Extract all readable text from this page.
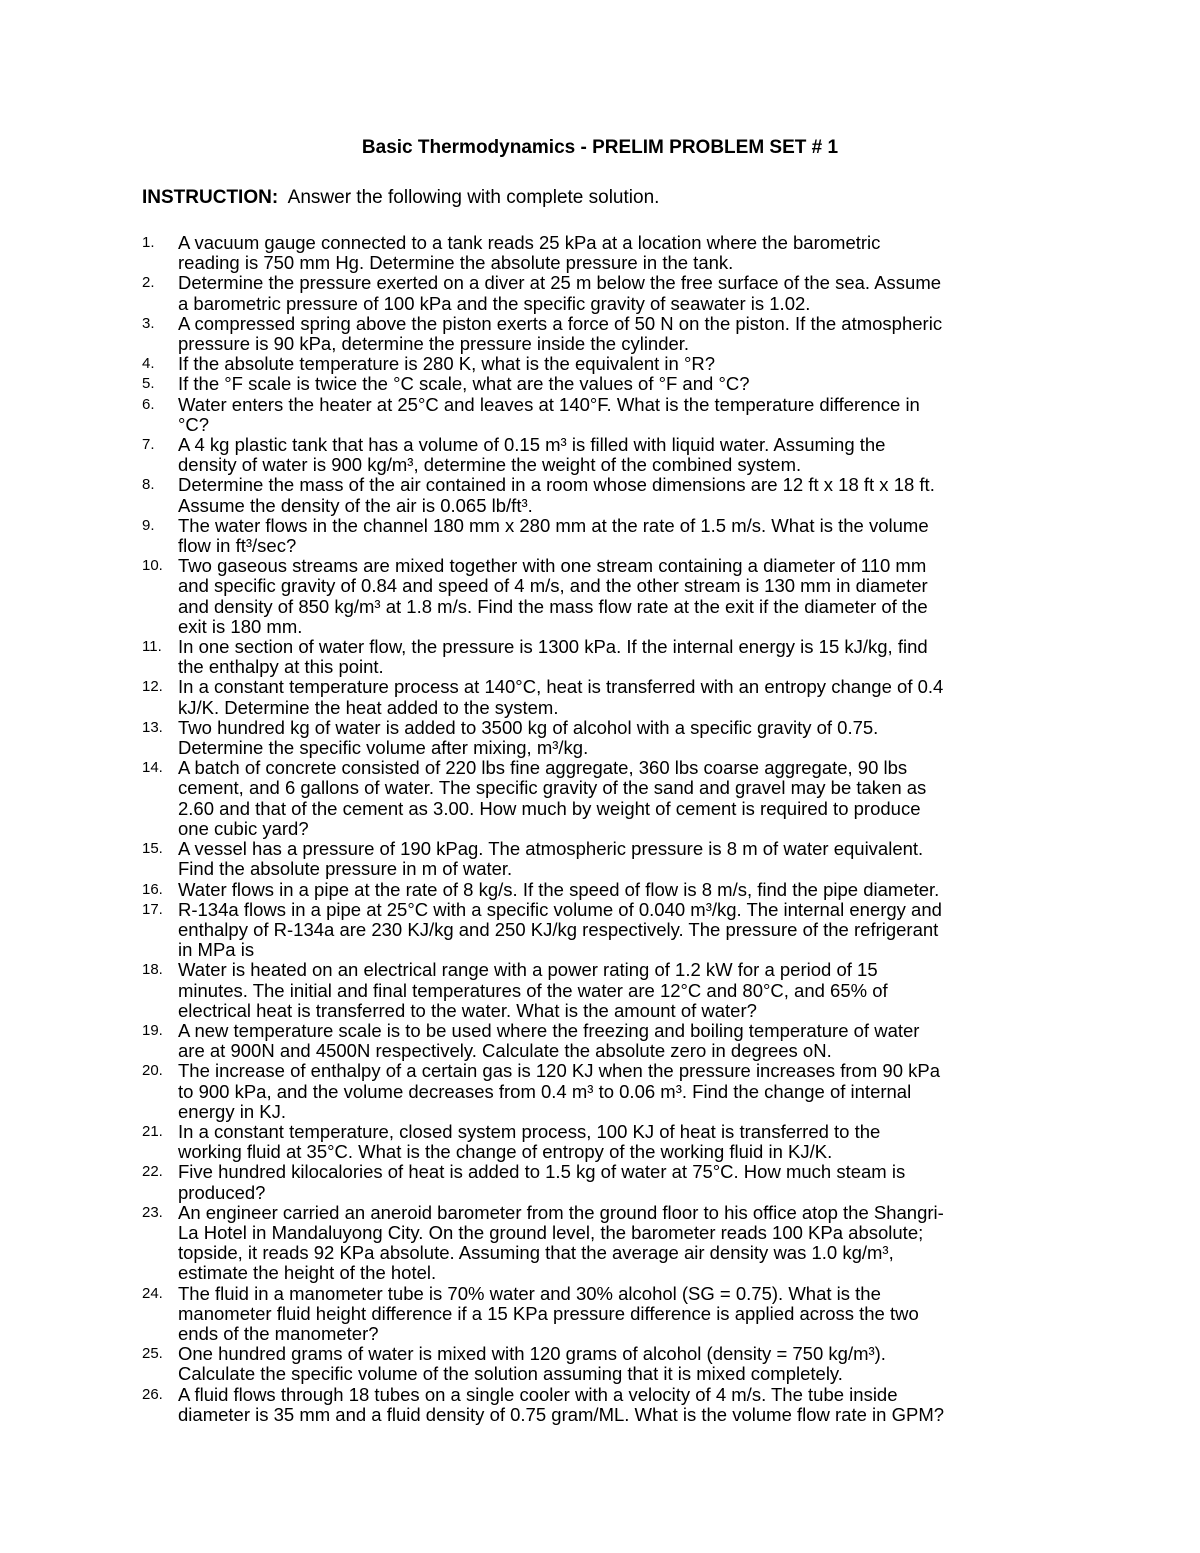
Basic Thermodynamics - PRELIM PROBLEM SET # 1
INSTRUCTION: Answer the following with complete solution.
1.	A vacuum gauge connected to a tank reads 25 kPa at a location where the barometric
reading is 750 mm Hg. Determine the absolute pressure in the tank.
2.	Determine the pressure exerted on a diver at 25 m below the free surface of the sea. Assume
a barometric pressure of 100 kPa and the specific gravity of seawater is 1.02.
3.	A compressed spring above the piston exerts a force of 50 N on the piston. If the atmospheric
pressure is 90 kPa, determine the pressure inside the cylinder.
4.	If the absolute temperature is 280 K, what is the equivalent in °R?
5.	If the °F scale is twice the °C scale, what are the values of °F and °C?
6.	Water enters the heater at 25°C and leaves at 140°F. What is the temperature difference in
°C?
7.	A 4 kg plastic tank that has a volume of 0.15 m³ is filled with liquid water. Assuming the
density of water is 900 kg/m³, determine the weight of the combined system.
8.	Determine the mass of the air contained in a room whose dimensions are 12 ft x 18 ft x 18 ft.
Assume the density of the air is 0.065 lb/ft³.
9.	The water flows in the channel 180 mm x 280 mm at the rate of 1.5 m/s. What is the volume
flow in ft³/sec?
10. Two gaseous streams are mixed together with one stream containing a diameter of 110 mm
and specific gravity of 0.84 and speed of 4 m/s, and the other stream is 130 mm in diameter
and density of 850 kg/m³ at 1.8 m/s. Find the mass flow rate at the exit if the diameter of the
exit is 180 mm.
11. In one section of water flow, the pressure is 1300 kPa. If the internal energy is 15 kJ/kg, find
the enthalpy at this point.
12. In a constant temperature process at 140°C, heat is transferred with an entropy change of 0.4
kJ/K. Determine the heat added to the system.
13. Two hundred kg of water is added to 3500 kg of alcohol with a specific gravity of 0.75.
Determine the specific volume after mixing, m³/kg.
14. A batch of concrete consisted of 220 lbs fine aggregate, 360 lbs coarse aggregate, 90 lbs
cement, and 6 gallons of water. The specific gravity of the sand and gravel may be taken as
2.60 and that of the cement as 3.00. How much by weight of cement is required to produce
one cubic yard?
15. A vessel has a pressure of 190 kPag. The atmospheric pressure is 8 m of water equivalent.
Find the absolute pressure in m of water.
16. Water flows in a pipe at the rate of 8 kg/s. If the speed of flow is 8 m/s, find the pipe diameter.
17. R-134a flows in a pipe at 25°C with a specific volume of 0.040 m³/kg. The internal energy and
enthalpy of R-134a are 230 KJ/kg and 250 KJ/kg respectively. The pressure of the refrigerant
in MPa is
18. Water is heated on an electrical range with a power rating of 1.2 kW for a period of 15
minutes. The initial and final temperatures of the water are 12°C and 80°C, and 65% of
electrical heat is transferred to the water. What is the amount of water?
19. A new temperature scale is to be used where the freezing and boiling temperature of water
are at 900N and 4500N respectively. Calculate the absolute zero in degrees oN.
20. The increase of enthalpy of a certain gas is 120 KJ when the pressure increases from 90 kPa
to 900 kPa, and the volume decreases from 0.4 m³ to 0.06 m³. Find the change of internal
energy in KJ.
21. In a constant temperature, closed system process, 100 KJ of heat is transferred to the
working fluid at 35°C. What is the change of entropy of the working fluid in KJ/K.
22. Five hundred kilocalories of heat is added to 1.5 kg of water at 75°C. How much steam is
produced?
23. An engineer carried an aneroid barometer from the ground floor to his office atop the Shangri-
La Hotel in Mandaluyong City. On the ground level, the barometer reads 100 KPa absolute;
topside, it reads 92 KPa absolute. Assuming that the average air density was 1.0 kg/m³,
estimate the height of the hotel.
24. The fluid in a manometer tube is 70% water and 30% alcohol (SG = 0.75). What is the
manometer fluid height difference if a 15 KPa pressure difference is applied across the two
ends of the manometer?
25. One hundred grams of water is mixed with 120 grams of alcohol (density = 750 kg/m³).
Calculate the specific volume of the solution assuming that it is mixed completely.
26. A fluid flows through 18 tubes on a single cooler with a velocity of 4 m/s. The tube inside
diameter is 35 mm and a fluid density of 0.75 gram/ML. What is the volume flow rate in GPM?
